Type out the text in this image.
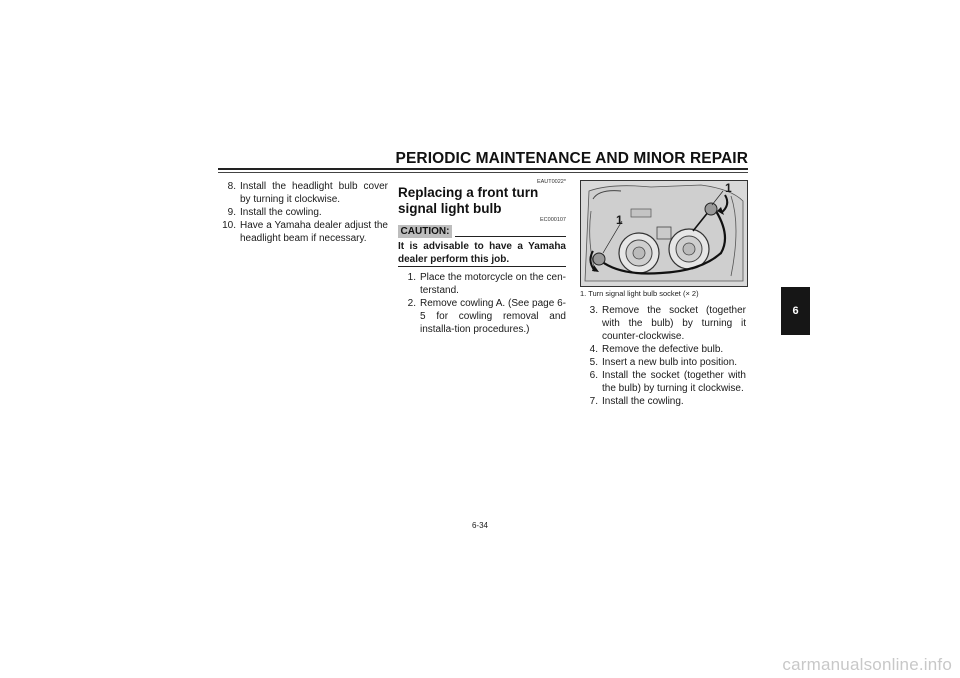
PERIODIC MAINTENANCE AND MINOR REPAIR
8. Install the headlight bulb cover by turning it clockwise.
9. Install the cowling.
10. Have a Yamaha dealer adjust the headlight beam if necessary.
EAUT0022*
Replacing a front turn signal light bulb
EC000107
CAUTION:
It is advisable to have a Yamaha dealer perform this job.
1. Place the motorcycle on the cen-terstand.
2. Remove cowling A. (See page 6-5 for cowling removal and installa-tion procedures.)
1
1
1. Turn signal light bulb socket (× 2)
3. Remove the socket (together with the bulb) by turning it counter-clockwise.
4. Remove the defective bulb.
5. Insert a new bulb into position.
6. Install the socket (together with the bulb) by turning it clockwise.
7. Install the cowling.
6
6-34
carmanualsonline.info
